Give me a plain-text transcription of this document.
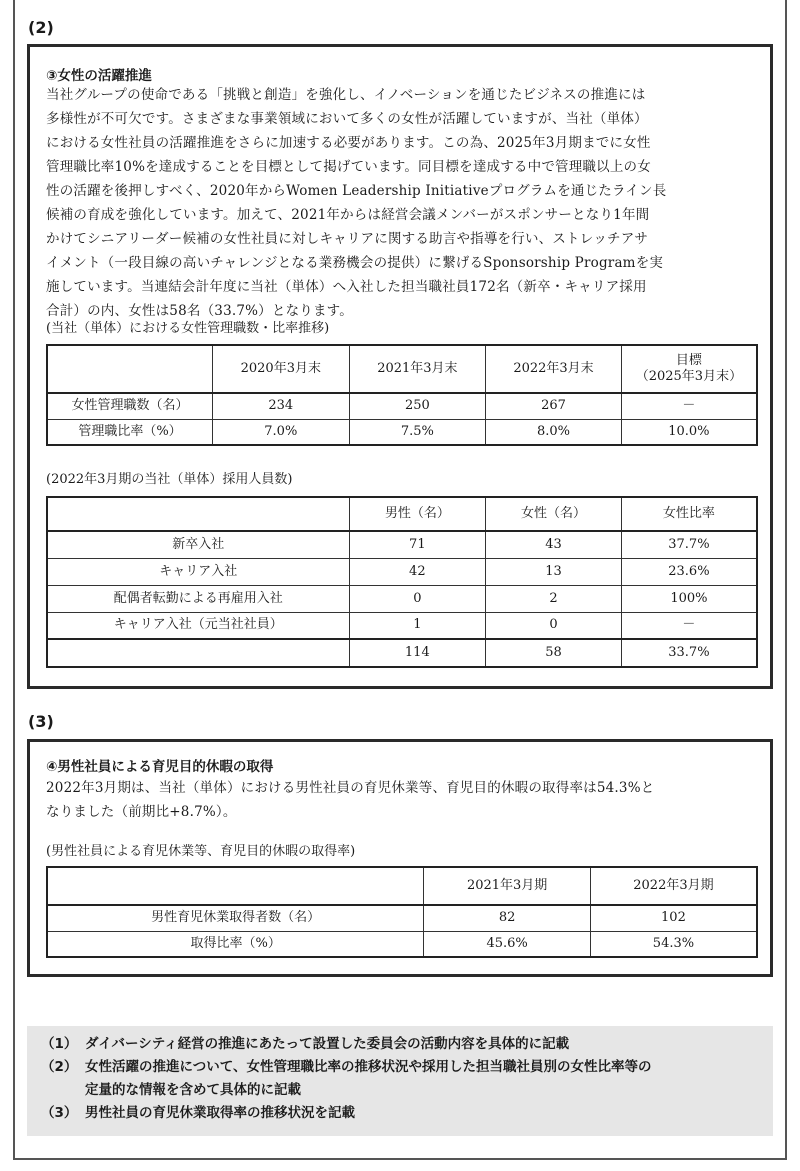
(2)
③女性の活躍推進
当社グループの使命である「挑戦と創造」を強化し、イノベーションを通じたビジネスの推進には
多様性が不可欠です。さまざまな事業領域において多くの女性が活躍していますが、当社（単体）
における女性社員の活躍推進をさらに加速する必要があります。この為、2025年3月期までに女性
管理職比率10%を達成することを目標として掲げています。同目標を達成する中で管理職以上の女
性の活躍を後押しすべく、2020年からWomen Leadership Initiativeプログラムを通じたライン長
候補の育成を強化しています。加えて、2021年からは経営会議メンバーがスポンサーとなり1年間
かけてシニアリーダー候補の女性社員に対しキャリアに関する助言や指導を行い、ストレッチアサ
イメント（一段目線の高いチャレンジとなる業務機会の提供）に繋げるSponsorship Programを実
施しています。当連結会計年度に当社（単体）へ入社した担当職社員172名（新卒・キャリア採用
合計）の内、女性は58名（33.7%）となります。
(当社（単体）における女性管理職数・比率推移)
	2020年3月末	2021年3月末	2022年3月末	目標
（2025年3月末）

女性管理職数（名）	234	250	267	－
管理職比率（%）	7.0%	7.5%	8.0%	10.0%
(2022年3月期の当社（単体）採用人員数)
	男性（名）	女性（名）	女性比率
新卒入社	71	43	37.7%
キャリア入社	42	13	23.6%
配偶者転勤による再雇用入社	0	2	100%
キャリア入社（元当社社員）	1	0	－
	114	58	33.7%
(3)
④男性社員による育児目的休暇の取得
2022年3月期は、当社（単体）における男性社員の育児休業等、育児目的休暇の取得率は54.3%と
なりました（前期比+8.7%）。
(男性社員による育児休業等、育児目的休暇の取得率)
	2021年3月期	2022年3月期
男性育児休業取得者数（名）	82	102
取得比率（%）	45.6%	54.3%
（1） ダイバーシティ経営の推進にあたって設置した委員会の活動内容を具体的に記載
（2） 女性活躍の推進について、女性管理職比率の推移状況や採用した担当職社員別の女性比率等の
定量的な情報を含めて具体的に記載
（3） 男性社員の育児休業取得率の推移状況を記載
